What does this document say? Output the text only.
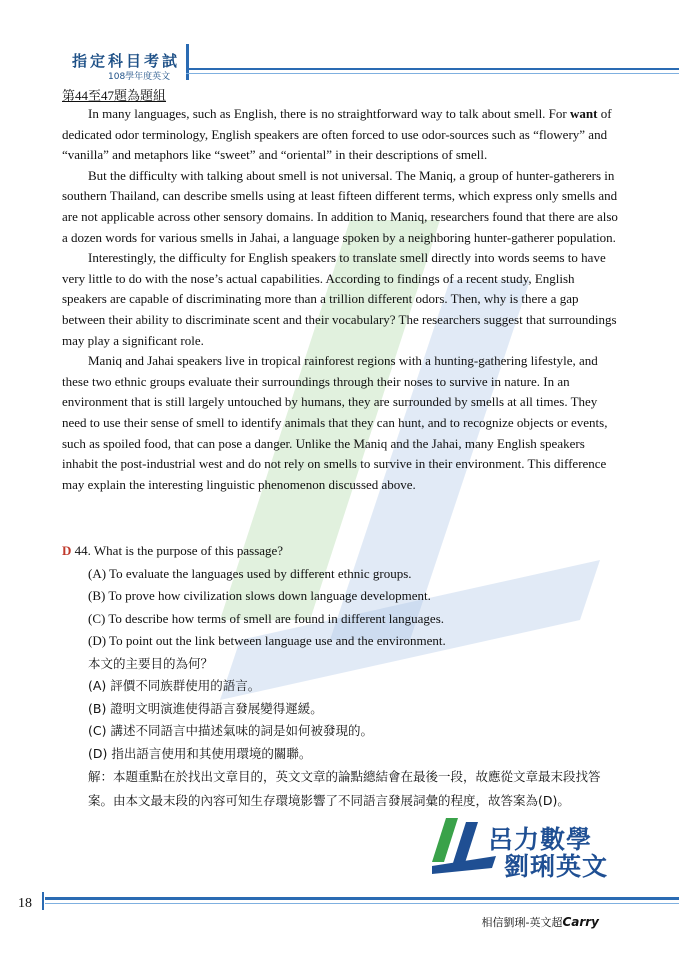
指定科目考試
108學年度英文
第44至47題為題組

In many languages, such as English, there is no straightforward way to talk about smell. For want of dedicated odor terminology, English speakers are often forced to use odor-sources such as “flowery” and “vanilla” and metaphors like “sweet” and “oriental” in their descriptions of smell.

But the difficulty with talking about smell is not universal. The Maniq, a group of hunter-gatherers in southern Thailand, can describe smells using at least fifteen different terms, which express only smells and are not applicable across other sensory domains. In addition to Maniq, researchers found that there are also a dozen words for various smells in Jahai, a language spoken by a neighboring hunter-gatherer population.

Interestingly, the difficulty for English speakers to translate smell directly into words seems to have very little to do with the nose’s actual capabilities. According to findings of a recent study, English speakers are capable of discriminating more than a trillion different odors. Then, why is there a gap between their ability to discriminate scent and their vocabulary? The researchers suggest that surroundings may play a significant role.

Maniq and Jahai speakers live in tropical rainforest regions with a hunting-gathering lifestyle, and these two ethnic groups evaluate their surroundings through their noses to survive in nature. In an environment that is still largely untouched by humans, they are surrounded by smells at all times. They need to use their sense of smell to identify animals that they can hunt, and to recognize objects or events, such as spoiled food, that can pose a danger. Unlike the Maniq and the Jahai, many English speakers inhabit the post-industrial west and do not rely on smells to survive in their environment. This difference may explain the interesting linguistic phenomenon discussed above.

D 44. What is the purpose of this passage?
(A) To evaluate the languages used by different ethnic groups.
(B) To prove how civilization slows down language development.
(C) To describe how terms of smell are found in different languages.
(D) To point out the link between language use and the environment.
本文的主要目的為何？
(A) 評價不同族群使用的語言。
(B) 證明文明演進使得語言發展變得遲緩。
(C) 講述不同語言中描述氣味的詞是如何被發現的。
(D) 指出語言使用和其使用環境的關聯。
解：本題重點在於找出文章目的，英文文章的論點總結會在最後一段，故應從文章最末段找答案。由本文最末段的內容可知生存環境影響了不同語言發展詞彙的程度，故答案為(D)。
呂力數學
劉琍英文
18
相信劉琍-英文超Carry
